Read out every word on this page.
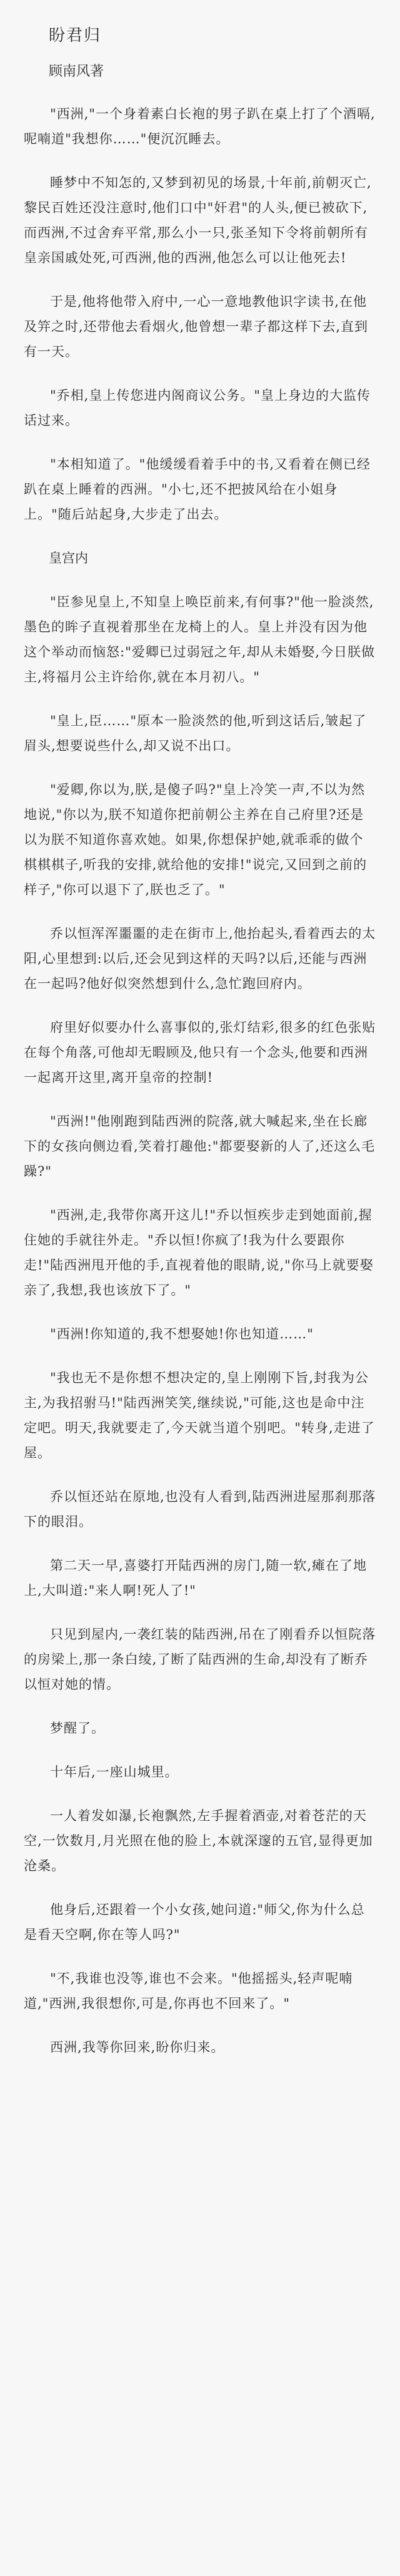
盼君归
顾南风著

"西洲,"一个身着素白长袍的男子趴在桌上打了个酒嗝,呢喃道"我想你……"便沉沉睡去。

睡梦中不知怎的,又梦到初见的场景,十年前,前朝灭亡,黎民百姓还没注意时,他们口中"奸君"的人头,便已被砍下,而西洲,不过舍弃平常,那么小一只,张圣知下令将前朝所有皇亲国戚处死,可西洲,他的西洲,他怎么可以让他死去!

于是,他将他带入府中,一心一意地教他识字读书,在他及笄之时,还带他去看烟火,他曾想一辈子都这样下去,直到有一天。

"乔相,皇上传您进内阁商议公务。"皇上身边的大监传话过来。

"本相知道了。"他缓缓看着手中的书,又看着在侧已经趴在桌上睡着的西洲。"小七,还不把披风给在小姐身上。"随后站起身,大步走了出去。

皇宫内

"臣参见皇上,不知皇上唤臣前来,有何事?"他一脸淡然,墨色的眸子直视着那坐在龙椅上的人。皇上并没有因为他这个举动而恼怒:"爱卿已过弱冠之年,却从未婚娶,今日朕做主,将福月公主许给你,就在本月初八。"

"皇上,臣……"原本一脸淡然的他,听到这话后,皱起了眉头,想要说些什么,却又说不出口。

"爱卿,你以为,朕,是傻子吗?"皇上冷笑一声,不以为然地说,"你以为,朕不知道你把前朝公主养在自己府里?还是以为朕不知道你喜欢她。如果,你想保护她,就乖乖的做个棋棋棋子,听我的安排,就给他的安排!"说完,又回到之前的样子,"你可以退下了,朕也乏了。"

乔以恒浑浑噩噩的走在街市上,他抬起头,看着西去的太阳,心里想到:以后,还会见到这样的天吗?以后,还能与西洲在一起吗?他好似突然想到什么,急忙跑回府内。

府里好似要办什么喜事似的,张灯结彩,很多的红色张贴在每个角落,可他却无暇顾及,他只有一个念头,他要和西洲一起离开这里,离开皇帝的控制!

"西洲!"他刚跑到陆西洲的院落,就大喊起来,坐在长廊下的女孩向侧边看,笑着打趣他:"都要娶新的人了,还这么毛躁?"

"西洲,走,我带你离开这儿!"乔以恒疾步走到她面前,握住她的手就往外走。"乔以恒!你疯了!我为什么要跟你走!"陆西洲甩开他的手,直视着他的眼睛,说,"你马上就要娶亲了,我想,我也该放下了。"

"西洲!你知道的,我不想娶她!你也知道……"

"我也无不是你想不想决定的,皇上刚刚下旨,封我为公主,为我招驸马!"陆西洲笑笑,继续说,"可能,这也是命中注定吧。明天,我就要走了,今天就当道个别吧。"转身,走进了屋。

乔以恒还站在原地,也没有人看到,陆西洲进屋那刹那落下的眼泪。

第二天一早,喜婆打开陆西洲的房门,随一软,瘫在了地上,大叫道:"来人啊!死人了!"

只见到屋内,一袭红装的陆西洲,吊在了刚看乔以恒院落的房梁上,那一条白绫,了断了陆西洲的生命,却没有了断乔以恒对她的情。

梦醒了。

十年后,一座山城里。

一人着发如瀑,长袍飘然,左手握着酒壶,对着苍茫的天空,一饮数月,月光照在他的脸上,本就深邃的五官,显得更加沧桑。

他身后,还跟着一个小女孩,她问道:"师父,你为什么总是看天空啊,你在等人吗?"

"不,我谁也没等,谁也不会来。"他摇摇头,轻声呢喃道,"西洲,我很想你,可是,你再也不回来了。"

西洲,我等你回来,盼你归来。
